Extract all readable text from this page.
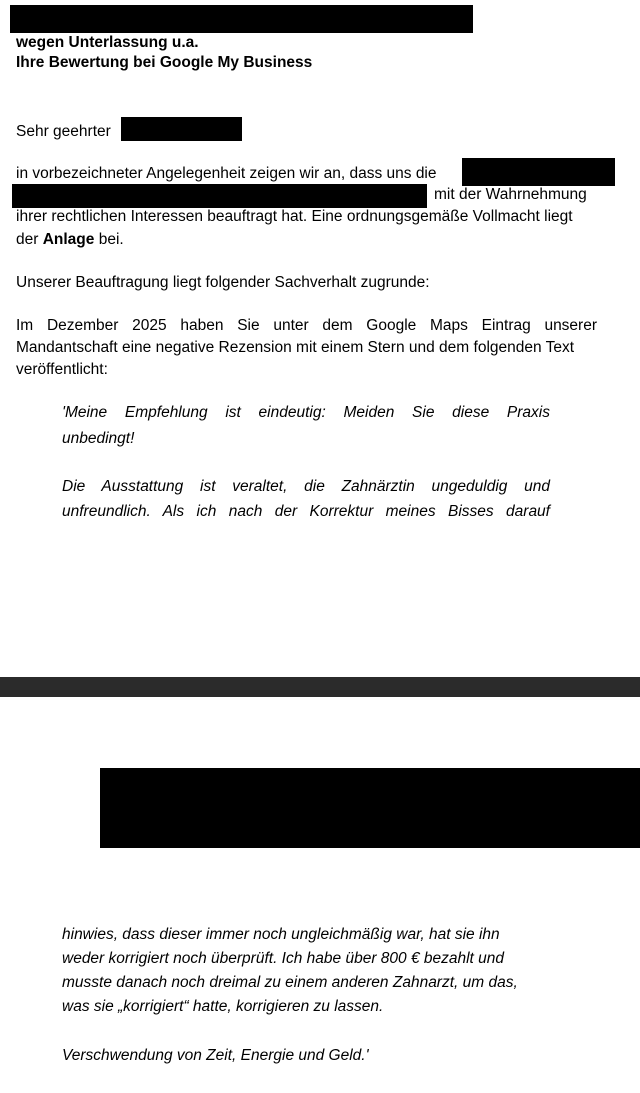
wegen Unterlassung u.a.
Ihre Bewertung bei Google My Business
Sehr geehrter
in vorbezeichneter Angelegenheit zeigen wir an, dass uns die
mit der Wahrnehmung
ihrer rechtlichen Interessen beauftragt hat. Eine ordnungsgemäße Vollmacht liegt
der Anlage bei.
Unserer Beauftragung liegt folgender Sachverhalt zugrunde:
Im Dezember 2025 haben Sie unter dem Google Maps Eintrag unserer
Mandantschaft eine negative Rezension mit einem Stern und dem folgenden Text
veröffentlicht:
'Meine Empfehlung ist eindeutig: Meiden Sie diese Praxis
unbedingt!
Die Ausstattung ist veraltet, die Zahnärztin ungeduldig und
unfreundlich. Als ich nach der Korrektur meines Bisses darauf
hinwies, dass dieser immer noch ungleichmäßig war, hat sie ihn
weder korrigiert noch überprüft. Ich habe über 800 € bezahlt und
musste danach noch dreimal zu einem anderen Zahnarzt, um das,
was sie „korrigiert“ hatte, korrigieren zu lassen.
Verschwendung von Zeit, Energie und Geld.'
